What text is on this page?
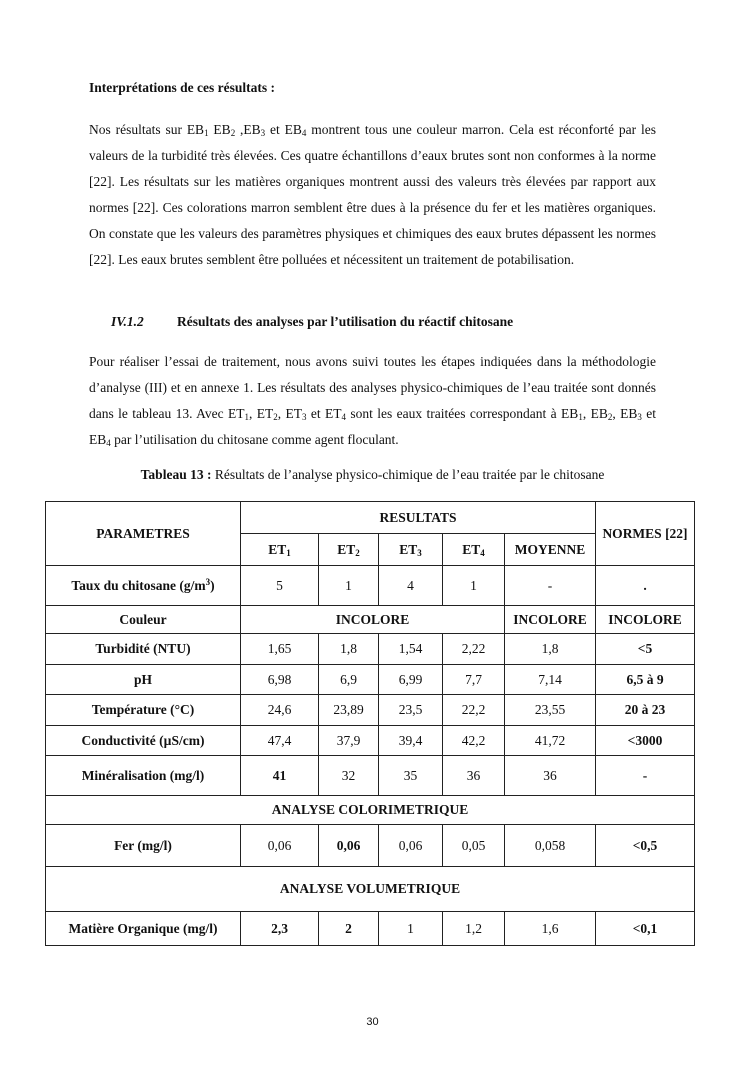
Interprétations de ces résultats :
Nos résultats sur $EB_1$ $EB_2$ $,EB_3$ et $EB_4$ montrent tous une couleur marron. Cela est réconforté par les valeurs de la turbidité très élevées. Ces quatre échantillons d’eaux brutes sont non conformes à la norme [22]. Les résultats sur les matières organiques montrent aussi des valeurs très élevées par rapport aux normes [22]. Ces colorations marron semblent être dues à la présence du fer et les matières organiques. On constate que les valeurs des paramètres physiques et chimiques des eaux brutes dépassent les normes [22]. Les eaux brutes semblent être polluées et nécessitent un traitement de potabilisation.
IV.1.2 Résultats des analyses par l’utilisation du réactif chitosane
Pour réaliser l’essai de traitement, nous avons suivi toutes les étapes indiquées dans la méthodologie d’analyse (III) et en annexe 1. Les résultats des analyses physico-chimiques de l’eau traitée sont donnés dans le tableau 13. Avec $ET_1$, $ET_2$, $ET_3$ et $ET_4$ sont les eaux traitées correspondant à $EB_1$, $EB_2$, $EB_3$ et $EB_4$ par l’utilisation du chitosane comme agent floculant.
Tableau 13 : Résultats de l’analyse physico-chimique de l’eau traitée par le chitosane
PARAMETRES	RESULTATS					NORMES [22]
	$ET_1$	$ET_2$	$ET_3$	$ET_4$	MOYENNE	
Taux du chitosane $(g/m^3)$	5	1	4	1	-	.
Couleur	INCOLORE				INCOLORE	INCOLORE
Turbidité (NTU)	1,65	1,8	1,54	2,22	1,8	<5
pH	6,98	6,9	6,99	7,7	7,14	6,5 à 9
Température (°C)	24,6	23,89	23,5	22,2	23,55	20 à 23
Conductivité (µS/cm)	47,4	37,9	39,4	42,2	41,72	<3000
Minéralisation (mg/l)	41	32	35	36	36	-
ANALYSE COLORIMETRIQUE						
Fer (mg/l)	0,06	0,06	0,06	0,05	0,058	<0,5
ANALYSE VOLUMETRIQUE						
Matière Organique (mg/l)	2,3	2	1	1,2	1,6	<0,1
30
